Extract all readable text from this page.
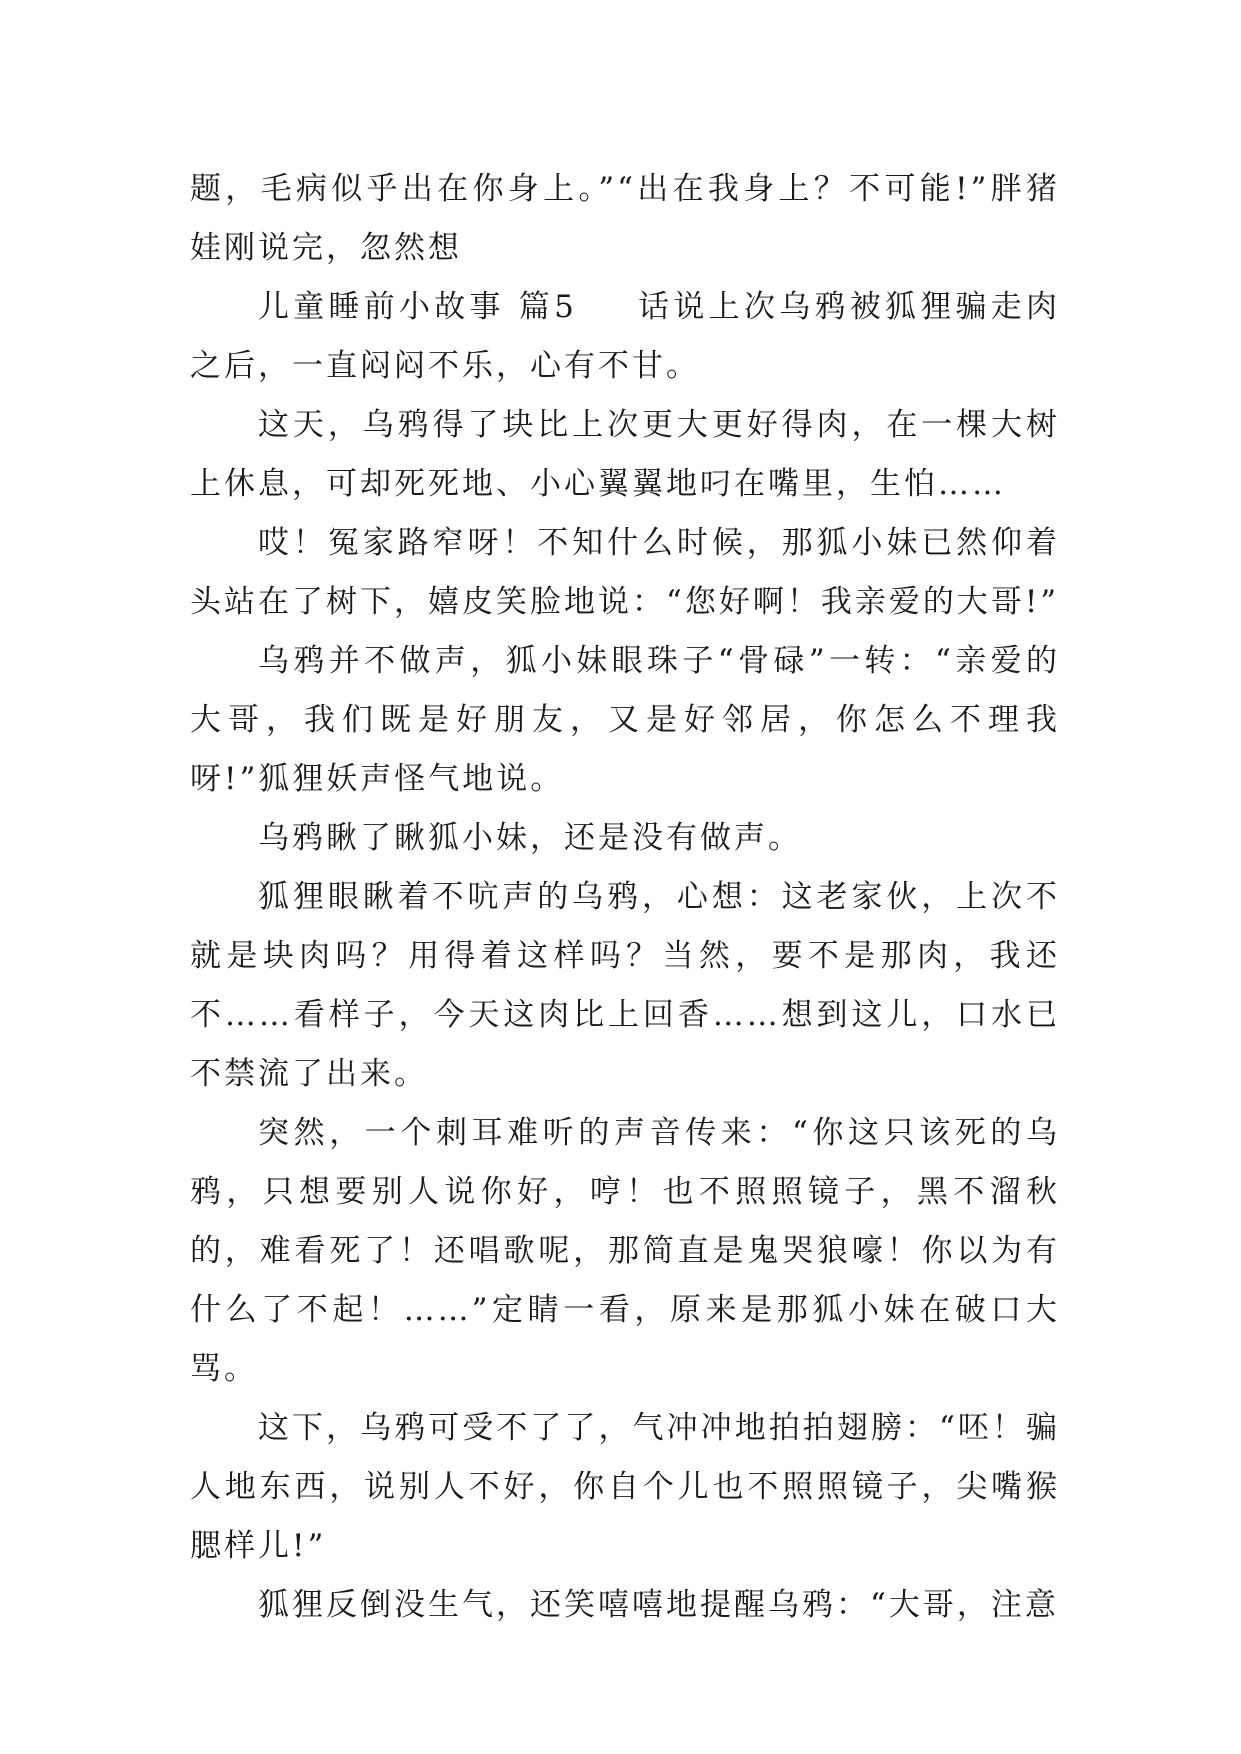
题，毛病似乎出在你身上。”“出在我身上？不可能!”胖猪娃刚说完，忽然想

儿童睡前小故事 篇5 话说上次乌鸦被狐狸骗走肉之后，一直闷闷不乐，心有不甘。

这天，乌鸦得了块比上次更大更好得肉，在一棵大树上休息，可却死死地、小心翼翼地叼在嘴里，生怕……

哎！冤家路窄呀！不知什么时候，那狐小妹已然仰着头站在了树下，嬉皮笑脸地说：“您好啊！我亲爱的大哥!”

乌鸦并不做声，狐小妹眼珠子“骨碌”一转：“亲爱的大哥，我们既是好朋友，又是好邻居，你怎么不理我呀!”狐狸妖声怪气地说。

乌鸦瞅了瞅狐小妹，还是没有做声。

狐狸眼瞅着不吭声的乌鸦，心想：这老家伙，上次不就是块肉吗？用得着这样吗？当然，要不是那肉，我还不……看样子，今天这肉比上回香……想到这儿，口水已不禁流了出来。

突然，一个刺耳难听的声音传来：“你这只该死的乌鸦，只想要别人说你好，哼！也不照照镜子，黑不溜秋的，难看死了！还唱歌呢，那简直是鬼哭狼嚎！你以为有什么了不起！……”定睛一看，原来是那狐小妹在破口大骂。

这下，乌鸦可受不了了，气冲冲地拍拍翅膀：“呸！骗人地东西，说别人不好，你自个儿也不照照镜子，尖嘴猴腮样儿!”

狐狸反倒没生气，还笑嘻嘻地提醒乌鸦：“大哥，注意
